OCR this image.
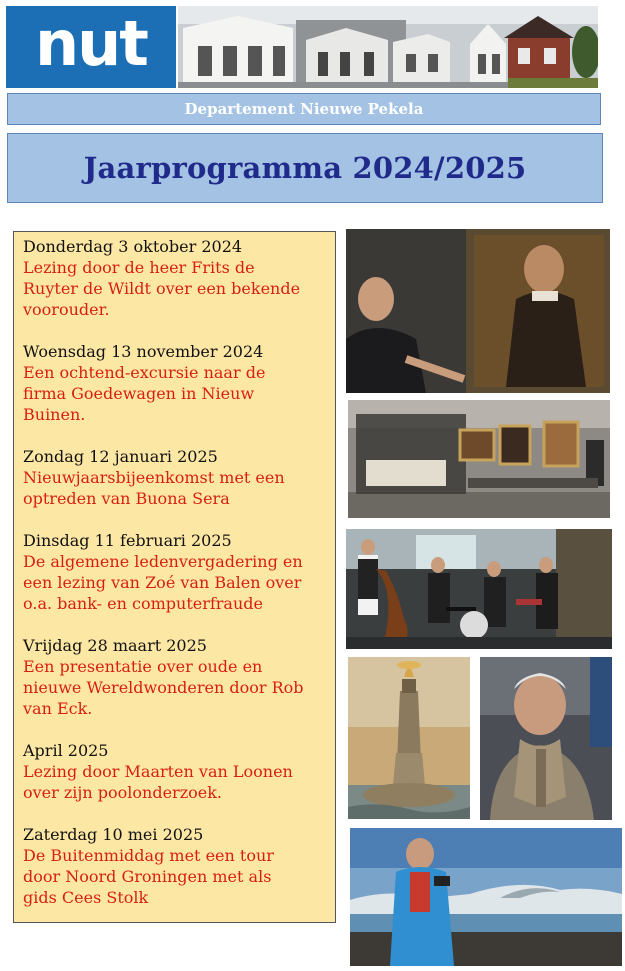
nut
Departement Nieuwe Pekela
Jaarprogramma 2024/2025
Donderdag 3 oktober 2024
Lezing door de heer Frits de
Ruyter de Wildt over een bekende
voorouder.
Woensdag 13 november 2024
Een ochtend-excursie naar de
firma Goedewagen in Nieuw
Buinen.
Zondag 12 januari 2025
Nieuwjaarsbijeenkomst met een
optreden van Buona Sera
Dinsdag 11 februari 2025
De algemene ledenvergadering en
een lezing van Zoé van Balen over
o.a. bank- en computerfraude
Vrijdag 28 maart 2025
Een presentatie over oude en
nieuwe Wereldwonderen door Rob
van Eck.
April 2025
Lezing door Maarten van Loonen
over zijn poolonderzoek.
Zaterdag 10 mei 2025
De Buitenmiddag met een tour
door Noord Groningen met als
gids Cees Stolk
